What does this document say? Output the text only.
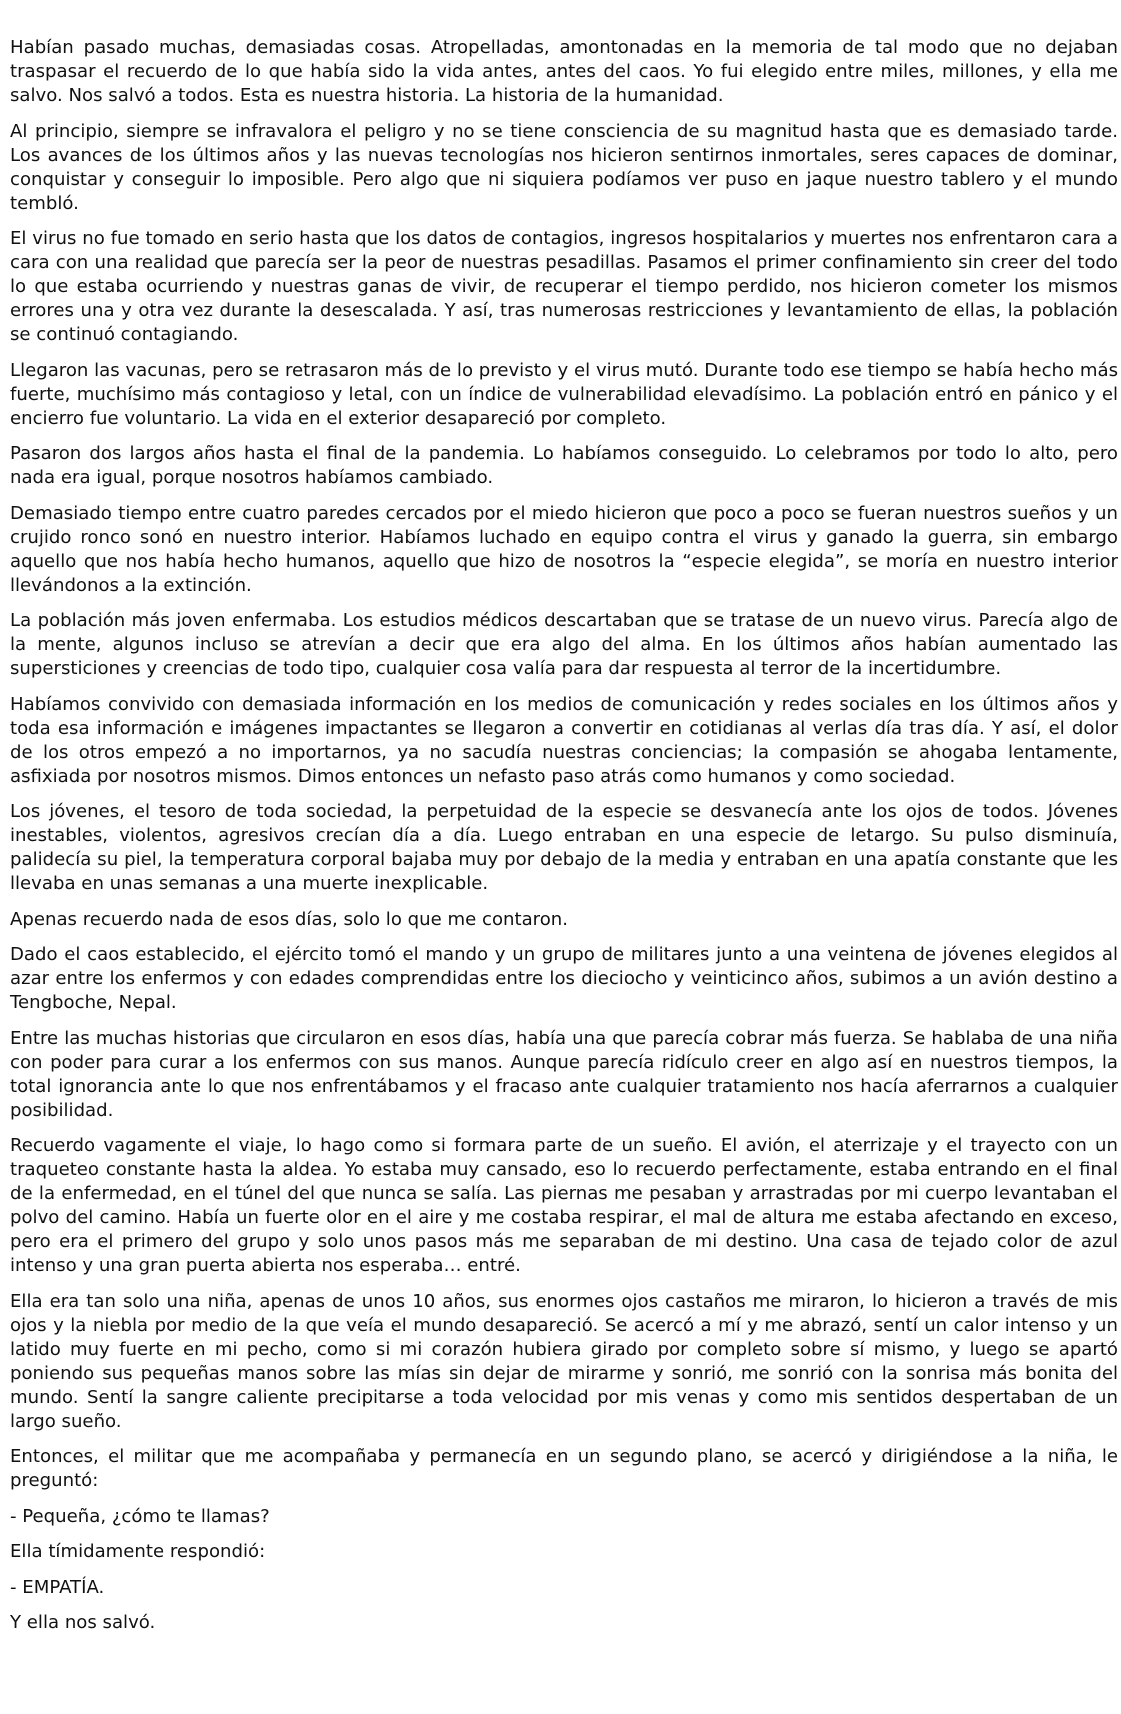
Habían pasado muchas, demasiadas cosas. Atropelladas, amontonadas en la memoria de tal modo que no dejaban traspasar el recuerdo de lo que había sido la vida antes, antes del caos. Yo fui elegido entre miles, millones, y ella me salvo. Nos salvó a todos. Esta es nuestra historia. La historia de la humanidad.

Al principio, siempre se infravalora el peligro y no se tiene consciencia de su magnitud hasta que es demasiado tarde. Los avances de los últimos años y las nuevas tecnologías nos hicieron sentirnos inmortales, seres capaces de dominar, conquistar y conseguir lo imposible. Pero algo que ni siquiera podíamos ver puso en jaque nuestro tablero y el mundo tembló.

El virus no fue tomado en serio hasta que los datos de contagios, ingresos hospitalarios y muertes nos enfrentaron cara a cara con una realidad que parecía ser la peor de nuestras pesadillas. Pasamos el primer confinamiento sin creer del todo lo que estaba ocurriendo y nuestras ganas de vivir, de recuperar el tiempo perdido, nos hicieron cometer los mismos errores una y otra vez durante la desescalada. Y así, tras numerosas restricciones y levantamiento de ellas, la población se continuó contagiando.

Llegaron las vacunas, pero se retrasaron más de lo previsto y el virus mutó. Durante todo ese tiempo se había hecho más fuerte, muchísimo más contagioso y letal, con un índice de vulnerabilidad elevadísimo. La población entró en pánico y el encierro fue voluntario. La vida en el exterior desapareció por completo.

Pasaron dos largos años hasta el final de la pandemia. Lo habíamos conseguido. Lo celebramos por todo lo alto, pero nada era igual, porque nosotros habíamos cambiado.

Demasiado tiempo entre cuatro paredes cercados por el miedo hicieron que poco a poco se fueran nuestros sueños y un crujido ronco sonó en nuestro interior. Habíamos luchado en equipo contra el virus y ganado la guerra, sin embargo aquello que nos había hecho humanos, aquello que hizo de nosotros la “especie elegida”, se moría en nuestro interior llevándonos a la extinción.

La población más joven enfermaba. Los estudios médicos descartaban que se tratase de un nuevo virus. Parecía algo de la mente, algunos incluso se atrevían a decir que era algo del alma. En los últimos años habían aumentado las supersticiones y creencias de todo tipo, cualquier cosa valía para dar respuesta al terror de la incertidumbre.

Habíamos convivido con demasiada información en los medios de comunicación y redes sociales en los últimos años y toda esa información e imágenes impactantes se llegaron a convertir en cotidianas al verlas día tras día. Y así, el dolor de los otros empezó a no importarnos, ya no sacudía nuestras conciencias; la compasión se ahogaba lentamente, asfixiada por nosotros mismos. Dimos entonces un nefasto paso atrás como humanos y como sociedad.

Los jóvenes, el tesoro de toda sociedad, la perpetuidad de la especie se desvanecía ante los ojos de todos. Jóvenes inestables, violentos, agresivos crecían día a día. Luego entraban en una especie de letargo. Su pulso disminuía, palidecía su piel, la temperatura corporal bajaba muy por debajo de la media y entraban en una apatía constante que les llevaba en unas semanas a una muerte inexplicable.

Apenas recuerdo nada de esos días, solo lo que me contaron.

Dado el caos establecido, el ejército tomó el mando y un grupo de militares junto a una veintena de jóvenes elegidos al azar entre los enfermos y con edades comprendidas entre los dieciocho y veinticinco años, subimos a un avión destino a Tengboche, Nepal.

Entre las muchas historias que circularon en esos días, había una que parecía cobrar más fuerza. Se hablaba de una niña con poder para curar a los enfermos con sus manos. Aunque parecía ridículo creer en algo así en nuestros tiempos, la total ignorancia ante lo que nos enfrentábamos y el fracaso ante cualquier tratamiento nos hacía aferrarnos a cualquier posibilidad.

Recuerdo vagamente el viaje, lo hago como si formara parte de un sueño. El avión, el aterrizaje y el trayecto con un traqueteo constante hasta la aldea. Yo estaba muy cansado, eso lo recuerdo perfectamente, estaba entrando en el final de la enfermedad, en el túnel del que nunca se salía. Las piernas me pesaban y arrastradas por mi cuerpo levantaban el polvo del camino. Había un fuerte olor en el aire y me costaba respirar, el mal de altura me estaba afectando en exceso, pero era el primero del grupo y solo unos pasos más me separaban de mi destino. Una casa de tejado color de azul intenso y una gran puerta abierta nos esperaba… entré.

Ella era tan solo una niña, apenas de unos 10 años, sus enormes ojos castaños me miraron, lo hicieron a través de mis ojos y la niebla por medio de la que veía el mundo desapareció. Se acercó a mí y me abrazó, sentí un calor intenso y un latido muy fuerte en mi pecho, como si mi corazón hubiera girado por completo sobre sí mismo, y luego se apartó poniendo sus pequeñas manos sobre las mías sin dejar de mirarme y sonrió, me sonrió con la sonrisa más bonita del mundo. Sentí la sangre caliente precipitarse a toda velocidad por mis venas y como mis sentidos despertaban de un largo sueño.

Entonces, el militar que me acompañaba y permanecía en un segundo plano, se acercó y dirigiéndose a la niña, le preguntó:

- Pequeña, ¿cómo te llamas?

Ella tímidamente respondió:

- EMPATÍA.

Y ella nos salvó.
